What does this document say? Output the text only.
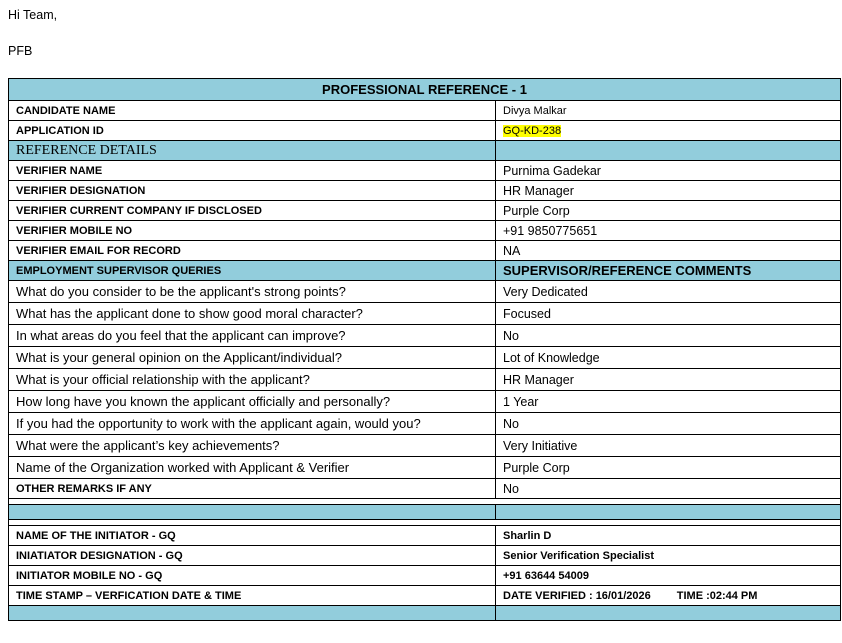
Hi Team,
PFB
PROFESSIONAL REFERENCE - 1	
CANDIDATE NAME	Divya Malkar
APPLICATION ID	GQ-KD-238
REFERENCE DETAILS	
VERIFIER NAME	Purnima Gadekar
VERIFIER DESIGNATION	HR Manager
VERIFIER CURRENT COMPANY IF DISCLOSED	Purple Corp
VERIFIER MOBILE NO	+91 9850775651
VERIFIER EMAIL FOR RECORD	NA
EMPLOYMENT SUPERVISOR QUERIES	SUPERVISOR/REFERENCE COMMENTS
What do you consider to be the applicant's strong points?	Very Dedicated
What has the applicant done to show good moral character?	Focused
In what areas do you feel that the applicant can improve?	No
What is your general opinion on the Applicant/individual?	Lot of Knowledge
What is your official relationship with the applicant?	HR Manager
How long have you known the applicant officially and personally?	1 Year
If you had the opportunity to work with the applicant again, would you?	No
What were the applicant’s key achievements?	Very Initiative
Name of the Organization worked with Applicant & Verifier	Purple Corp
OTHER REMARKS IF ANY	No

NAME OF THE INITIATOR - GQ	Sharlin D
INIATIATOR DESIGNATION - GQ	Senior Verification Specialist
INITIATOR MOBILE NO - GQ	+91 63644 54009
TIME STAMP – VERFICATION DATE & TIME	DATE VERIFIED : 16/01/2026 TIME :02:44 PM
